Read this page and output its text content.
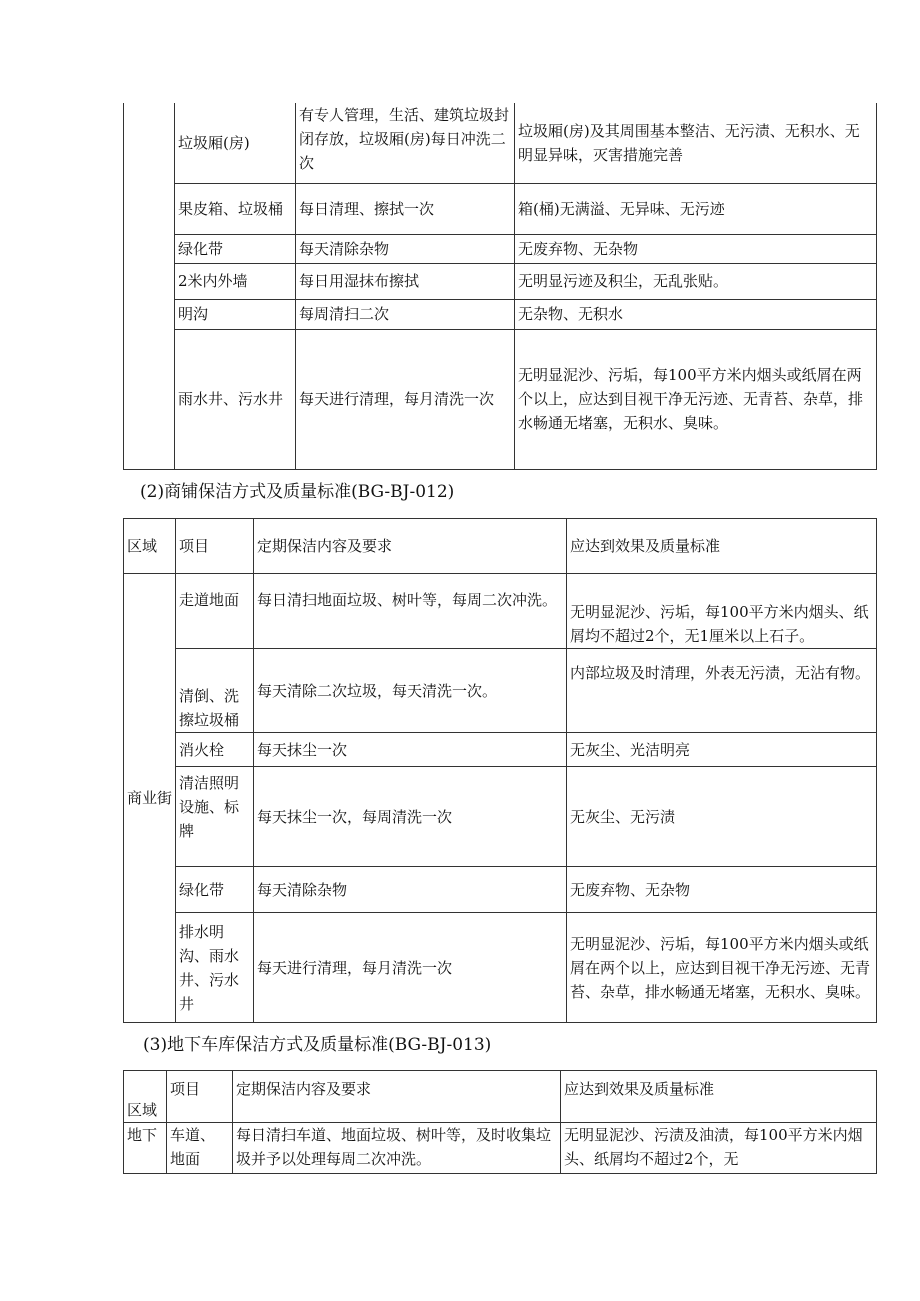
	垃圾厢(房)	有专人管理，生活、建筑垃圾封闭存放，垃圾厢(房)每日冲洗二次	垃圾厢(房)及其周围基本整洁、无污渍、无积水、无明显异味，灭害措施完善
	果皮箱、垃圾桶	每日清理、擦拭一次	箱(桶)无满溢、无异味、无污迹
	绿化带	每天清除杂物	无废弃物、无杂物
	2米内外墙	每日用湿抹布擦拭	无明显污迹及积尘，无乱张贴。
	明沟	每周清扫二次	无杂物、无积水
	雨水井、污水井	每天进行清理，每月清洗一次	无明显泥沙、污垢，每100平方米内烟头或纸屑在两个以上，应达到目视干净无污迹、无青苔、杂草，排水畅通无堵塞，无积水、臭味。
(2)商铺保洁方式及质量标准(BG-BJ-012)
区域	项目	定期保洁内容及要求	应达到效果及质量标准
商业街	走道地面	每日清扫地面垃圾、树叶等，每周二次冲洗。	无明显泥沙、污垢，每100平方米内烟头、纸屑均不超过2个，无1厘米以上石子。
	清倒、洗擦垃圾桶	每天清除二次垃圾，每天清洗一次。	内部垃圾及时清理，外表无污渍，无沾有物。
	消火栓	每天抹尘一次	无灰尘、光洁明亮
	清洁照明设施、标牌	每天抹尘一次，每周清洗一次	无灰尘、无污渍
	绿化带	每天清除杂物	无废弃物、无杂物
	排水明沟、雨水井、污水井	每天进行清理，每月清洗一次	无明显泥沙、污垢，每100平方米内烟头或纸屑在两个以上，应达到目视干净无污迹、无青苔、杂草，排水畅通无堵塞，无积水、臭味。
(3)地下车库保洁方式及质量标准(BG-BJ-013)
区域	项目	定期保洁内容及要求	应达到效果及质量标准
地下	车道、地面	每日清扫车道、地面垃圾、树叶等，及时收集垃圾并予以处理每周二次冲洗。	无明显泥沙、污渍及油渍，每100平方米内烟头、纸屑均不超过2个，无
